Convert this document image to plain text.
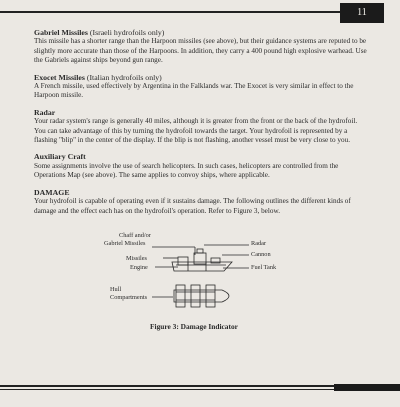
11
Gabriel Missiles (Israeli hydrofoils only)
This missile has a shorter range than the Harpoon missiles (see above), but their guidance systems are reputed to be slightly more accurate than those of the Harpoons. In addition, they carry a 400 pound high explosive warhead. Use the Gabriels against ships beyond gun range.
Exocet Missiles (Italian hydrofoils only)
A French missile, used effectively by Argentina in the Falklands war. The Exocet is very similar in effect to the Harpoon missile.
Radar
Your radar system's range is generally 40 miles, although it is greater from the front or the back of the hydrofoil. You can take advantage of this by turning the hydrofoil towards the target. Your hydrofoil is represented by a flashing "blip" in the center of the display. If the blip is not flashing, another vessel must be very close to you.
Auxiliary Craft
Some assignments involve the use of search helicopters. In such cases, helicopters are controlled from the Operations Map (see above). The same applies to convoy ships, where applicable.
DAMAGE
Your hydrofoil is capable of operating even if it sustains damage. The following outlines the different kinds of damage and the effect each has on the hydrofoil's operation. Refer to Figure 3, below.
Chaff and/or
Gabriel Missiles
Missiles
Engine
Hull
Compartments
Radar
Cannon
Fuel Tank
Figure 3: Damage Indicator
